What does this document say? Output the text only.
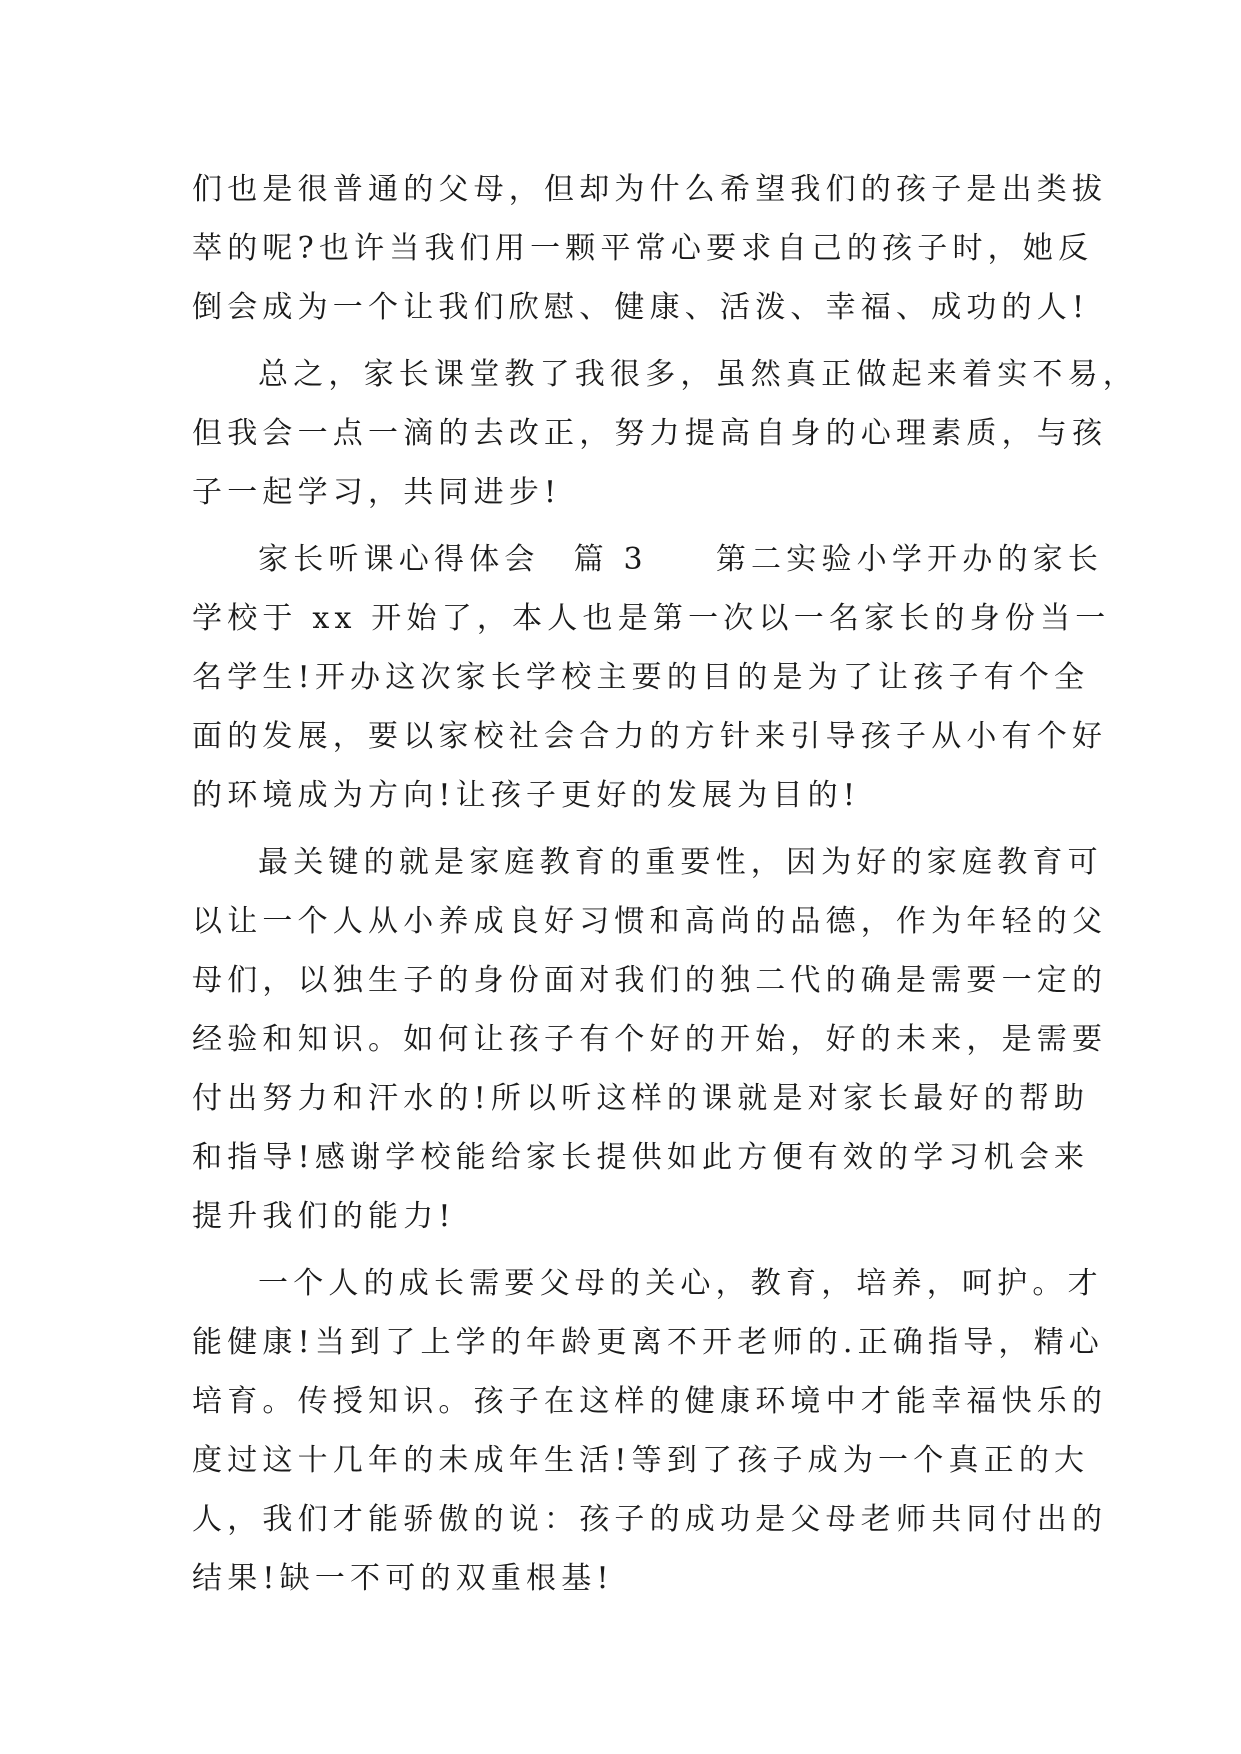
们也是很普通的父母，但却为什么希望我们的孩子是出类拔
萃的呢?也许当我们用一颗平常心要求自己的孩子时，她反
倒会成为一个让我们欣慰、健康、活泼、幸福、成功的人!
总之，家长课堂教了我很多，虽然真正做起来着实不易，
但我会一点一滴的去改正，努力提高自身的心理素质，与孩
子一起学习，共同进步!
家长听课心得体会 篇 3 第二实验小学开办的家长
学校于 xx 开始了，本人也是第一次以一名家长的身份当一
名学生!开办这次家长学校主要的目的是为了让孩子有个全
面的发展，要以家校社会合力的方针来引导孩子从小有个好
的环境成为方向!让孩子更好的发展为目的!
最关键的就是家庭教育的重要性，因为好的家庭教育可
以让一个人从小养成良好习惯和高尚的品德，作为年轻的父
母们，以独生子的身份面对我们的独二代的确是需要一定的
经验和知识。如何让孩子有个好的开始，好的未来，是需要
付出努力和汗水的!所以听这样的课就是对家长最好的帮助
和指导!感谢学校能给家长提供如此方便有效的学习机会来
提升我们的能力!
一个人的成长需要父母的关心，教育，培养，呵护。才
能健康!当到了上学的年龄更离不开老师的.正确指导，精心
培育。传授知识。孩子在这样的健康环境中才能幸福快乐的
度过这十几年的未成年生活!等到了孩子成为一个真正的大
人，我们才能骄傲的说：孩子的成功是父母老师共同付出的
结果!缺一不可的双重根基!
